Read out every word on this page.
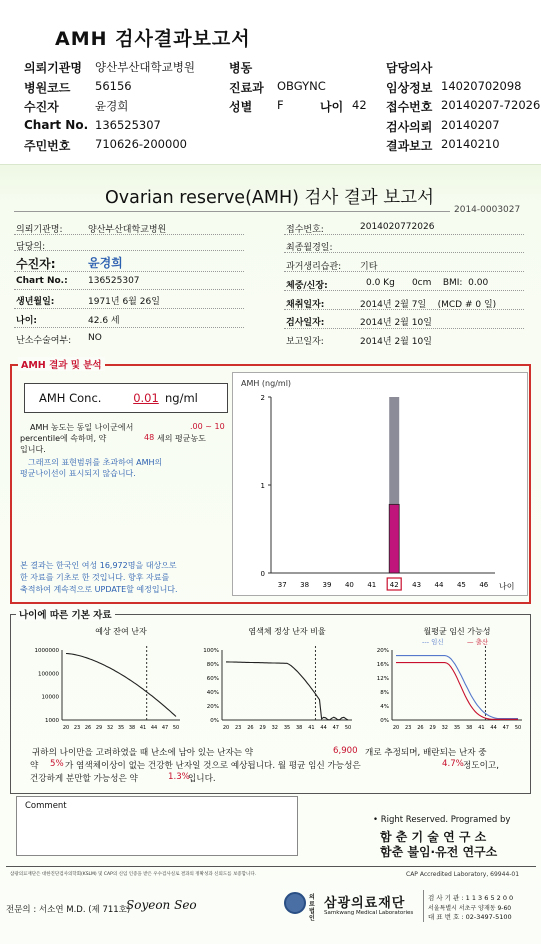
AMH 검사결과보고서
의뢰기관명 양산부산대학교병원
병원코드 56156
수진자	윤경희
Chart No. 136525307
주민번호 710626-200000
병동
진료과 OBGYNC
성별 F	나이 42
담당의사
임상정보 14020702098
접수번호 20140207-72026
검사의뢰 20140207
결과보고 20140210
Ovarian reserve(AMH) 검사 결과 보고서
2014-0003027
의뢰기관명:	양산부산대학교병원
담당의:
수진자:	윤경희
Chart No.: 136525307
생년월일:	1971년 6월 26일
나이:	42.6 세
난소수술여부: NO
접수번호:	2014020772026
최종월경일:
과거생리습관: 기타
체중/신장:	0.0 Kg      0cm    BMI:  0.00
채취일자:	2014년 2월 7일    (MCD # 0 일)
검사일자:	2014년 2월 10일
보고일자:	2014년 2월 10일
AMH 결과 및 분석
AMH Conc.	0.01 ng/ml
AMH 농도는 동일 나이군에서	.00 ~ 10
percentile에 속하며, 약	48 세의 평균농도
입니다.
그래프의 표현범위를 초과하여 AMH의
평균나이선이 표시되지 않습니다.
본 결과는 한국인 여성 16,972명을 대상으로
한 자료를 기초로 한 것입니다. 향후 자료를
축적하여 계속적으로 UPDATE할 예정입니다.
AMH (ng/ml)
0
1
2
37 38 39 40 41 42 43 44 45 46 나이
나이에 따른 기본 자료
예상 잔여 난자
1000
10000
100000
1000000
20 23 26 29 32 35 38 41 44 47 50
염색체 정상 난자 비율
0%
20%
40%
60%
80%
100%
20 23 26 29 32 35 38 41 44 47 50
월평균 임신 가능성
0%
4%
8%
12%
16%
20%
20 23 26 29 32 35 38 41 44 47 50
--- 임신	— 출산
귀하의 나이만을 고려하였을 때 난소에 남아 있는 난자는 약	6,900 개로 추정되며, 배란되는 난자 중
약 5% 가 염색체이상이 없는 건강한 난자일 것으로 예상됩니다. 월 평균 임신 가능성은	4.7% 정도이고,
건강하게 분만할 가능성은 약	1.3%
입니다.
Comment
• Right Reserved. Programed by
함 춘 기 술 연 구 소
함춘 불임·유전 연구소
삼광의료재단은 대한진단검사의학회(KSLM) 및 CAP의 신임 인증을 받은 우수검사실로 결과의 정확성과 신뢰도를 보증합니다.	CAP Accredited Laboratory, 69944-01
전문의 : 서소연 M.D. (제 711호)
Soyeon Seo
의료법인
삼광의료재단
Samkwang Medical Laboratories
검 사 기 관 : 1 1 3 6 5 2 0 0
서울특별시 서초구 양재동 9-60
대 표 번 호 : 02-3497-5100
